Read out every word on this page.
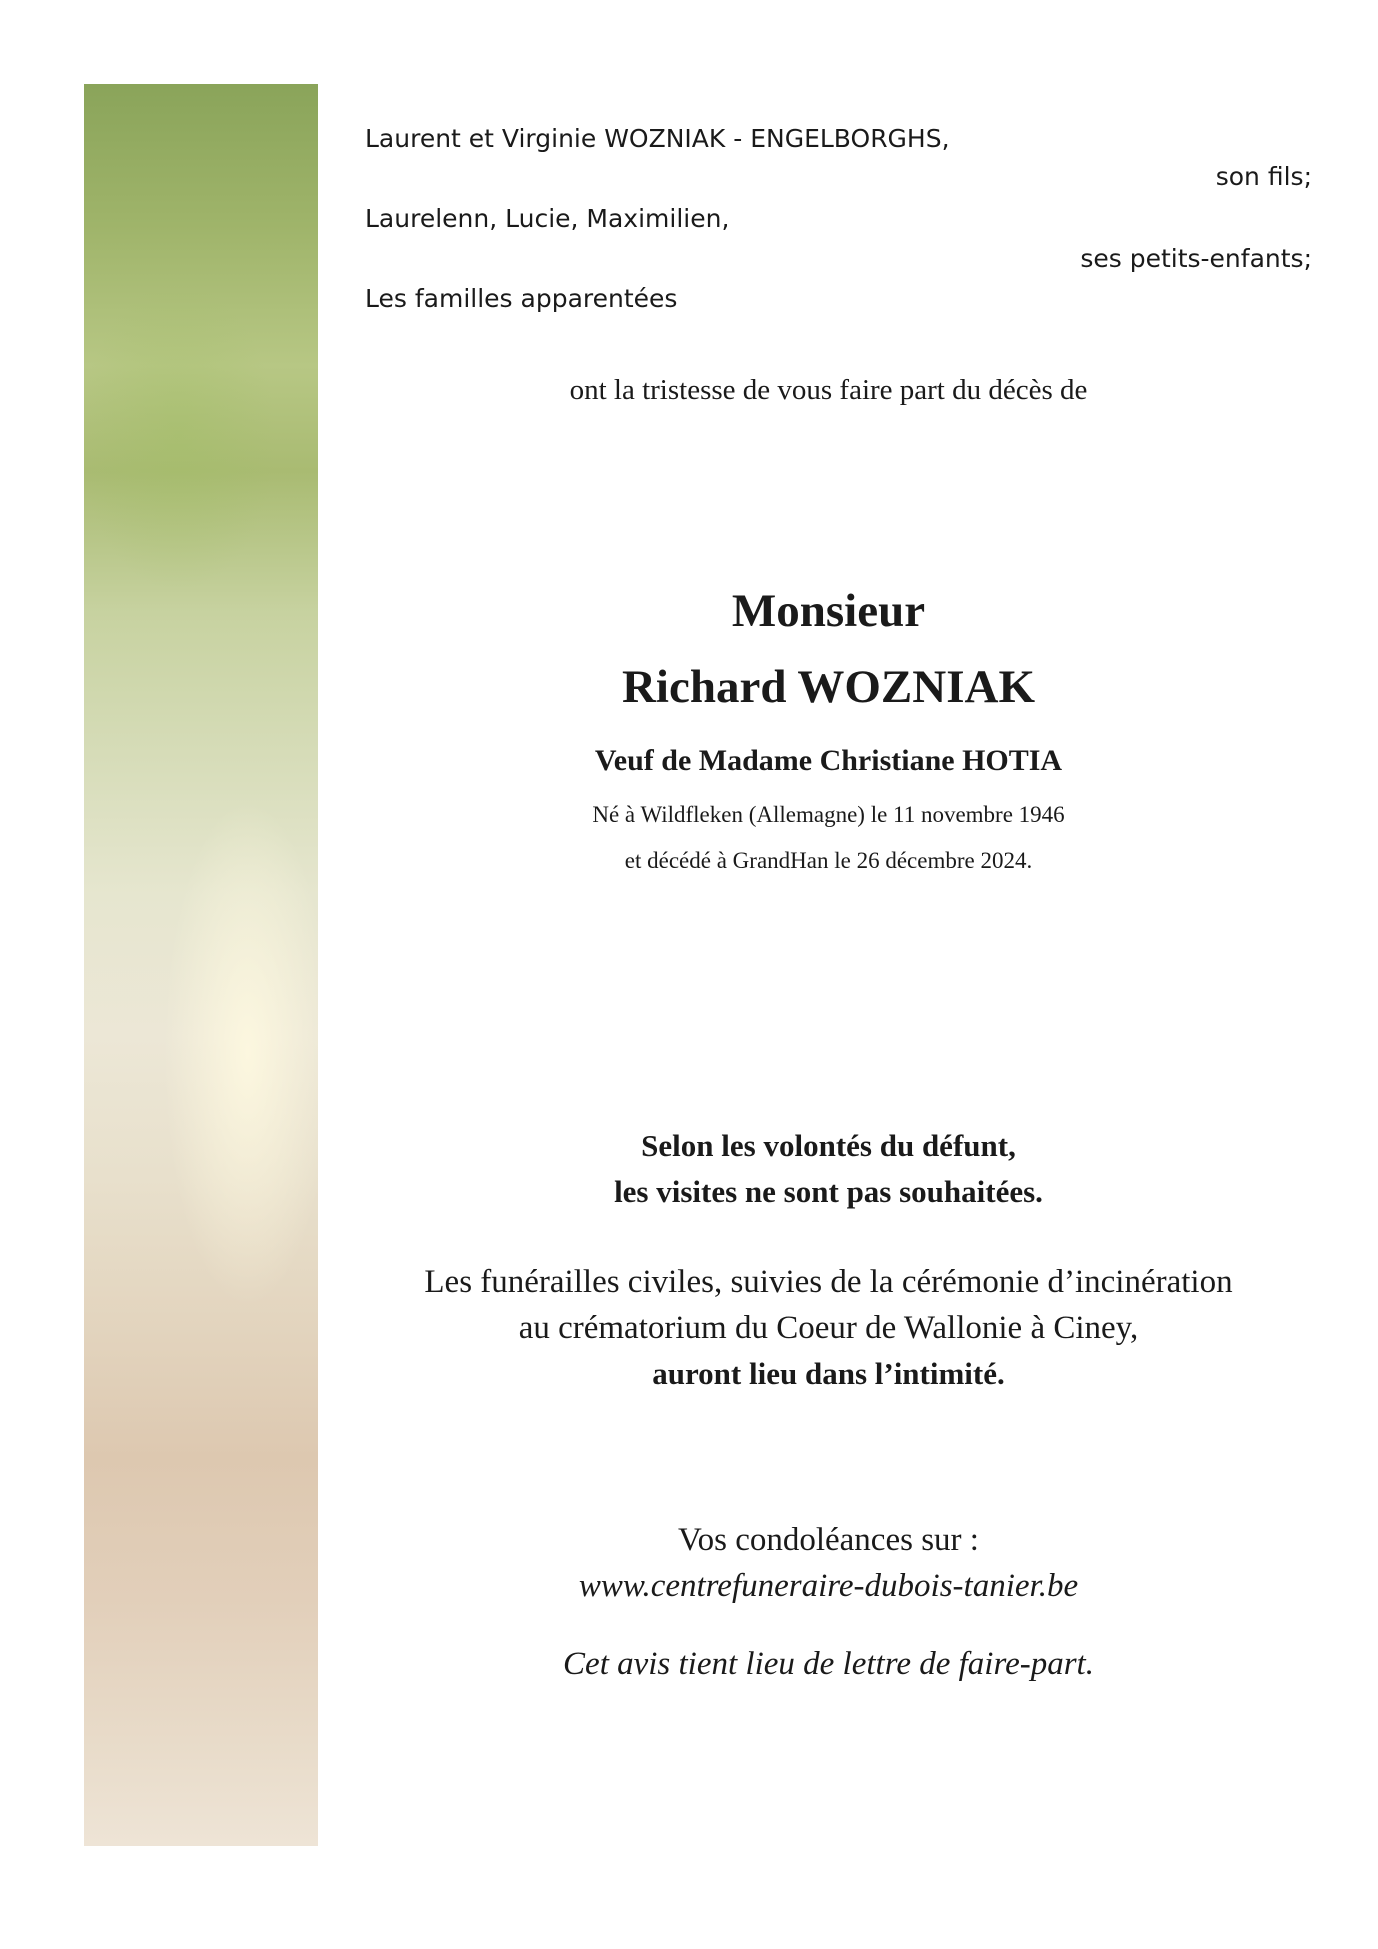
Laurent et Virginie WOZNIAK - ENGELBORGHS,
son fils;
Laurelenn, Lucie, Maximilien,
ses petits-enfants;
Les familles apparentées
ont la tristesse de vous faire part du décès de
Monsieur
Richard WOZNIAK
Veuf de Madame Christiane HOTIA
Né à Wildfleken (Allemagne) le 11 novembre 1946
et décédé à GrandHan le 26 décembre 2024.
Selon les volontés du défunt,
les visites ne sont pas souhaitées.
Les funérailles civiles, suivies de la cérémonie d’incinération
au crématorium du Coeur de Wallonie à Ciney,
auront lieu dans l’intimité.
Vos condoléances sur :
www.centrefuneraire-dubois-tanier.be
Cet avis tient lieu de lettre de faire-part.
